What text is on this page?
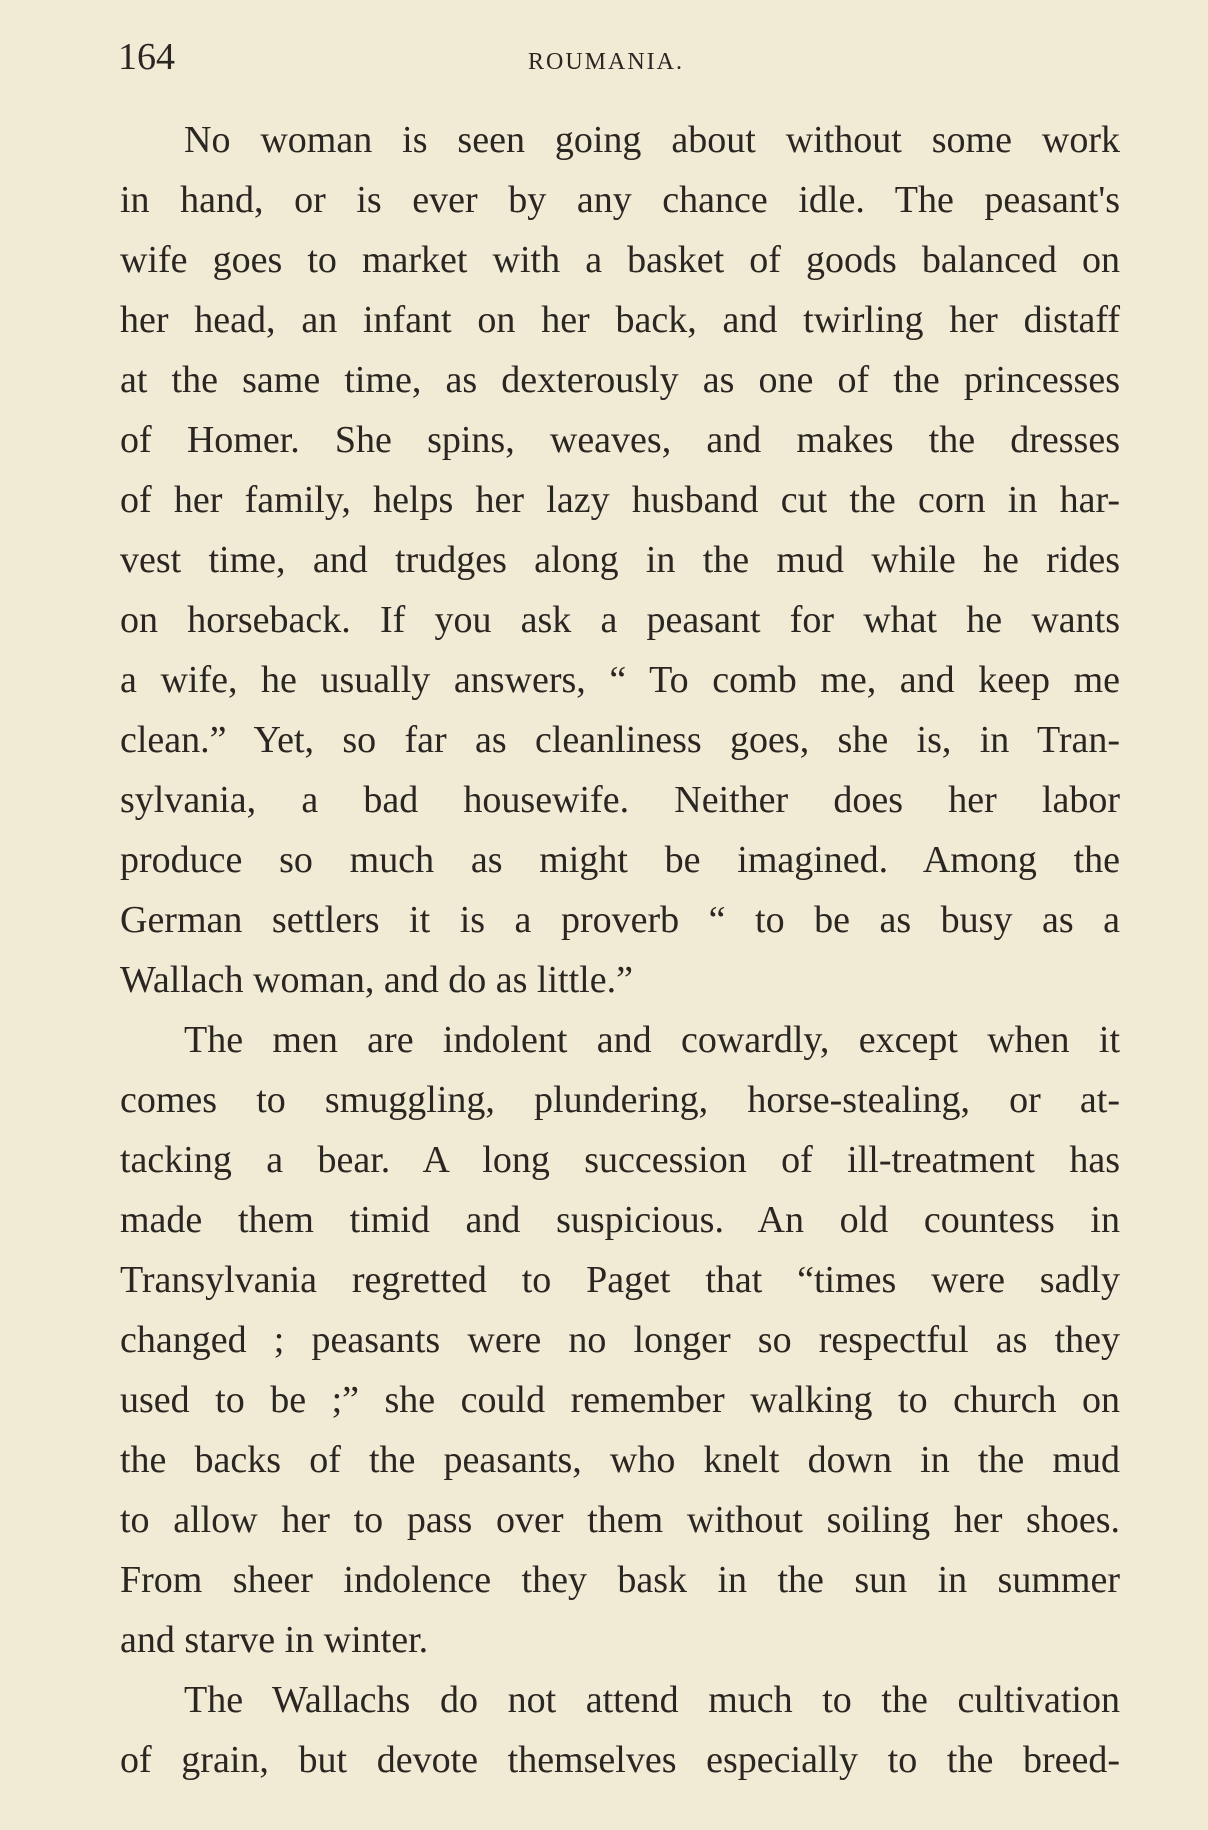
164	ROUMANIA.
No woman is seen going about without some work
in hand, or is ever by any chance idle. The peasant's
wife goes to market with a basket of goods balanced on
her head, an infant on her back, and twirling her distaff
at the same time, as dexterously as one of the princesses
of Homer. She spins, weaves, and makes the dresses
of her family, helps her lazy husband cut the corn in har-
vest time, and trudges along in the mud while he rides
on horseback. If you ask a peasant for what he wants
a wife, he usually answers, “ To comb me, and keep me
clean.” Yet, so far as cleanliness goes, she is, in Tran-
sylvania, a bad housewife. Neither does her labor
produce so much as might be imagined. Among the
German settlers it is a proverb “ to be as busy as a
Wallach woman, and do as little.”
The men are indolent and cowardly, except when it
comes to smuggling, plundering, horse-stealing, or at-
tacking a bear. A long succession of ill-treatment has
made them timid and suspicious. An old countess in
Transylvania regretted to Paget that “times were sadly
changed ; peasants were no longer so respectful as they
used to be ;” she could remember walking to church on
the backs of the peasants, who knelt down in the mud
to allow her to pass over them without soiling her shoes.
From sheer indolence they bask in the sun in summer
and starve in winter.
The Wallachs do not attend much to the cultivation
of grain, but devote themselves especially to the breed-
